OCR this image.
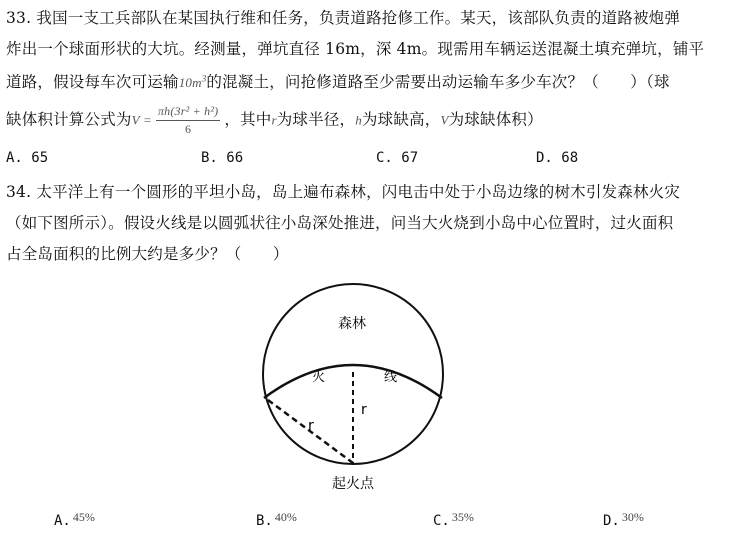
33. 我国一支工兵部队在某国执行维和任务，负责道路抢修工作。某天，该部队负责的道路被炮弹
炸出一个球面形状的大坑。经测量，弹坑直径 16m，深 4m。现需用车辆运送混凝土填充弹坑，铺平
道路，假设每车次可运输$10m^3$的混凝土，问抢修道路至少需要出动运输车多少车次？（　　）（球
缺体积计算公式为$V = \frac{\text{πh(3r² + h²)}}{6}$ ，其中r为球半径，h为球缺高，V为球缺体积）
A. 65	B. 66	C. 67	D. 68
34. 太平洋上有一个圆形的平坦小岛，岛上遍布森林，闪电击中处于小岛边缘的树木引发森林火灾
（如下图所示）。假设火线是以圆弧状往小岛深处推进，问当大火烧到小岛中心位置时，过火面积
占全岛面积的比例大约是多少？（　　）
森林
火	线
r
r
起火点
A. 45%	B. 40%	C. 35%	D. 30%
